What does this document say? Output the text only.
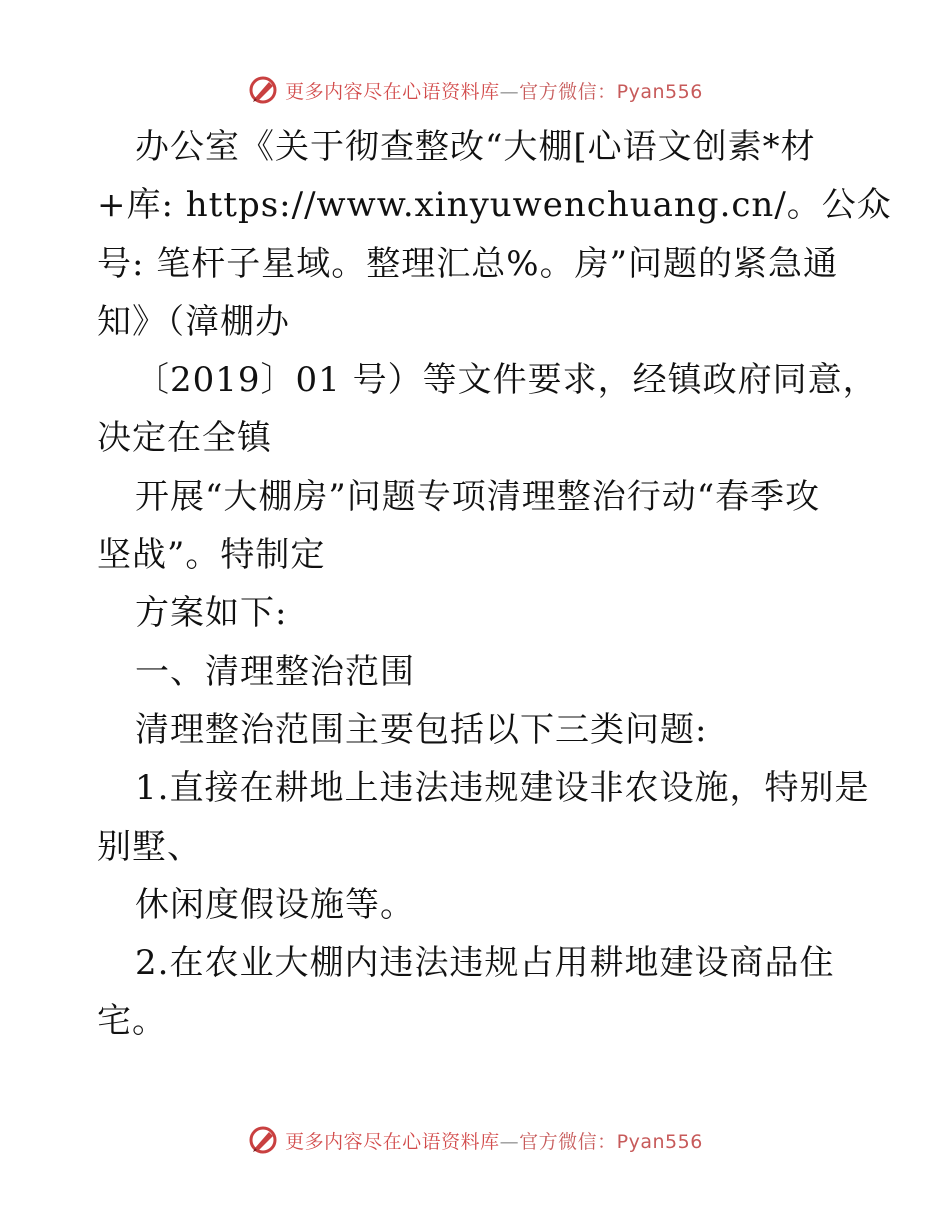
更多内容尽在心语资料库—官方微信：Pyan556
办公室《关于彻查整改“大棚[心语文创素*材
+库: https://www.xinyuwenchuang.cn/。公众
号: 笔杆子星域。整理汇总%。房”问题的紧急通
知》（漳棚办
〔2019〕01 号）等文件要求，经镇政府同意，
决定在全镇
开展“大棚房”问题专项清理整治行动“春季攻
坚战”。特制定
方案如下:
一、清理整治范围
清理整治范围主要包括以下三类问题:
1.直接在耕地上违法违规建设非农设施，特别是
别墅、
休闲度假设施等。
2.在农业大棚内违法违规占用耕地建设商品住
宅。
更多内容尽在心语资料库—官方微信：Pyan556
